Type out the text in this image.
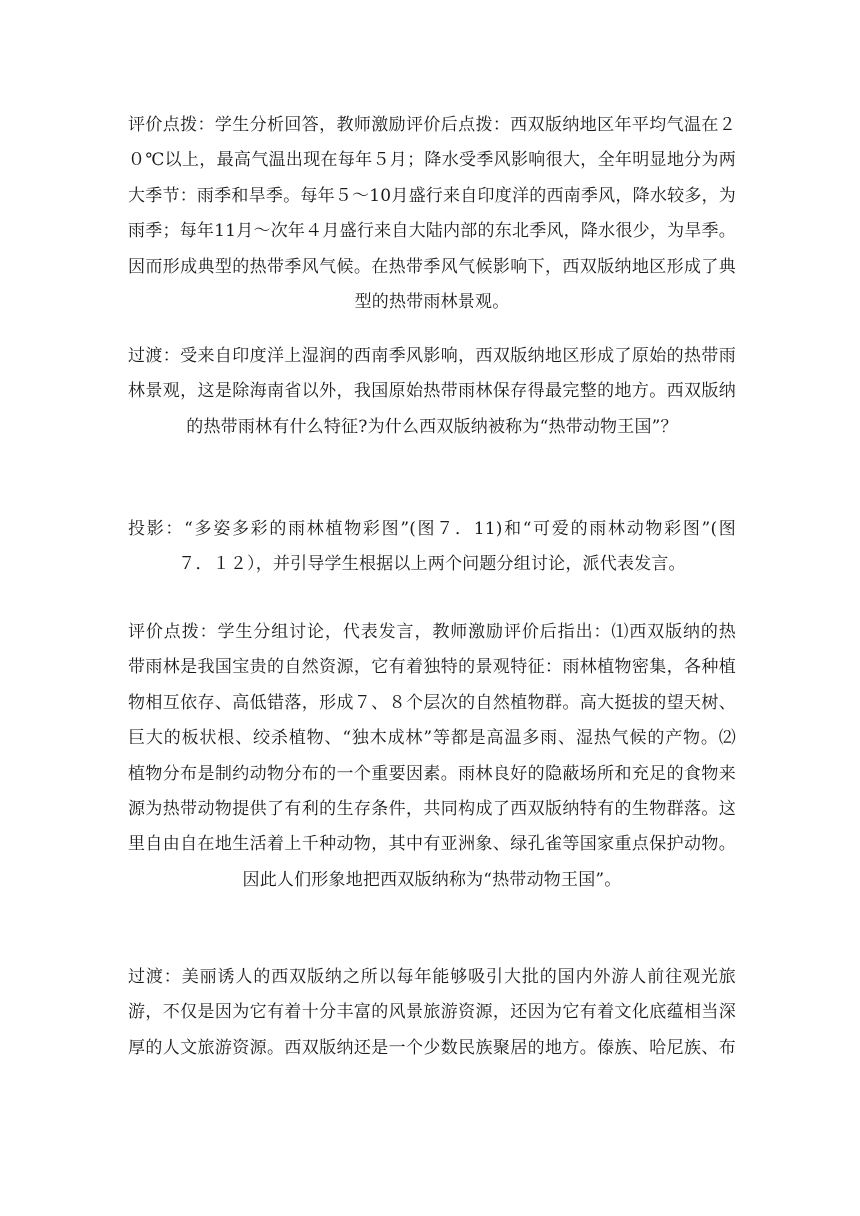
评价点拨：学生分析回答，教师激励评价后点拨：西双版纳地区年平均气温在２
０℃以上，最高气温出现在每年５月；降水受季风影响很大，全年明显地分为两
大季节：雨季和旱季。每年５～10月盛行来自印度洋的西南季风，降水较多，为
雨季；每年11月～次年４月盛行来自大陆内部的东北季风，降水很少，为旱季。
因而形成典型的热带季风气候。在热带季风气候影响下，西双版纳地区形成了典
型的热带雨林景观。
过渡：受来自印度洋上湿润的西南季风影响，西双版纳地区形成了原始的热带雨
林景观，这是除海南省以外，我国原始热带雨林保存得最完整的地方。西双版纳
的热带雨林有什么特征?为什么西双版纳被称为“热带动物王国”？
投影：“多姿多彩的雨林植物彩图”(图７．11)和“可爱的雨林动物彩图”(图
７．１２），并引导学生根据以上两个问题分组讨论，派代表发言。
评价点拨：学生分组讨论，代表发言，教师激励评价后指出：⑴西双版纳的热
带雨林是我国宝贵的自然资源，它有着独特的景观特征：雨林植物密集，各种植
物相互依存、高低错落，形成７、８个层次的自然植物群。高大挺拔的望天树、
巨大的板状根、绞杀植物、“独木成林”等都是高温多雨、湿热气候的产物。⑵
植物分布是制约动物分布的一个重要因素。雨林良好的隐蔽场所和充足的食物来
源为热带动物提供了有利的生存条件，共同构成了西双版纳特有的生物群落。这
里自由自在地生活着上千种动物，其中有亚洲象、绿孔雀等国家重点保护动物。
因此人们形象地把西双版纳称为“热带动物王国”。
过渡：美丽诱人的西双版纳之所以每年能够吸引大批的国内外游人前往观光旅
游，不仅是因为它有着十分丰富的风景旅游资源，还因为它有着文化底蕴相当深
厚的人文旅游资源。西双版纳还是一个少数民族聚居的地方。傣族、哈尼族、布
